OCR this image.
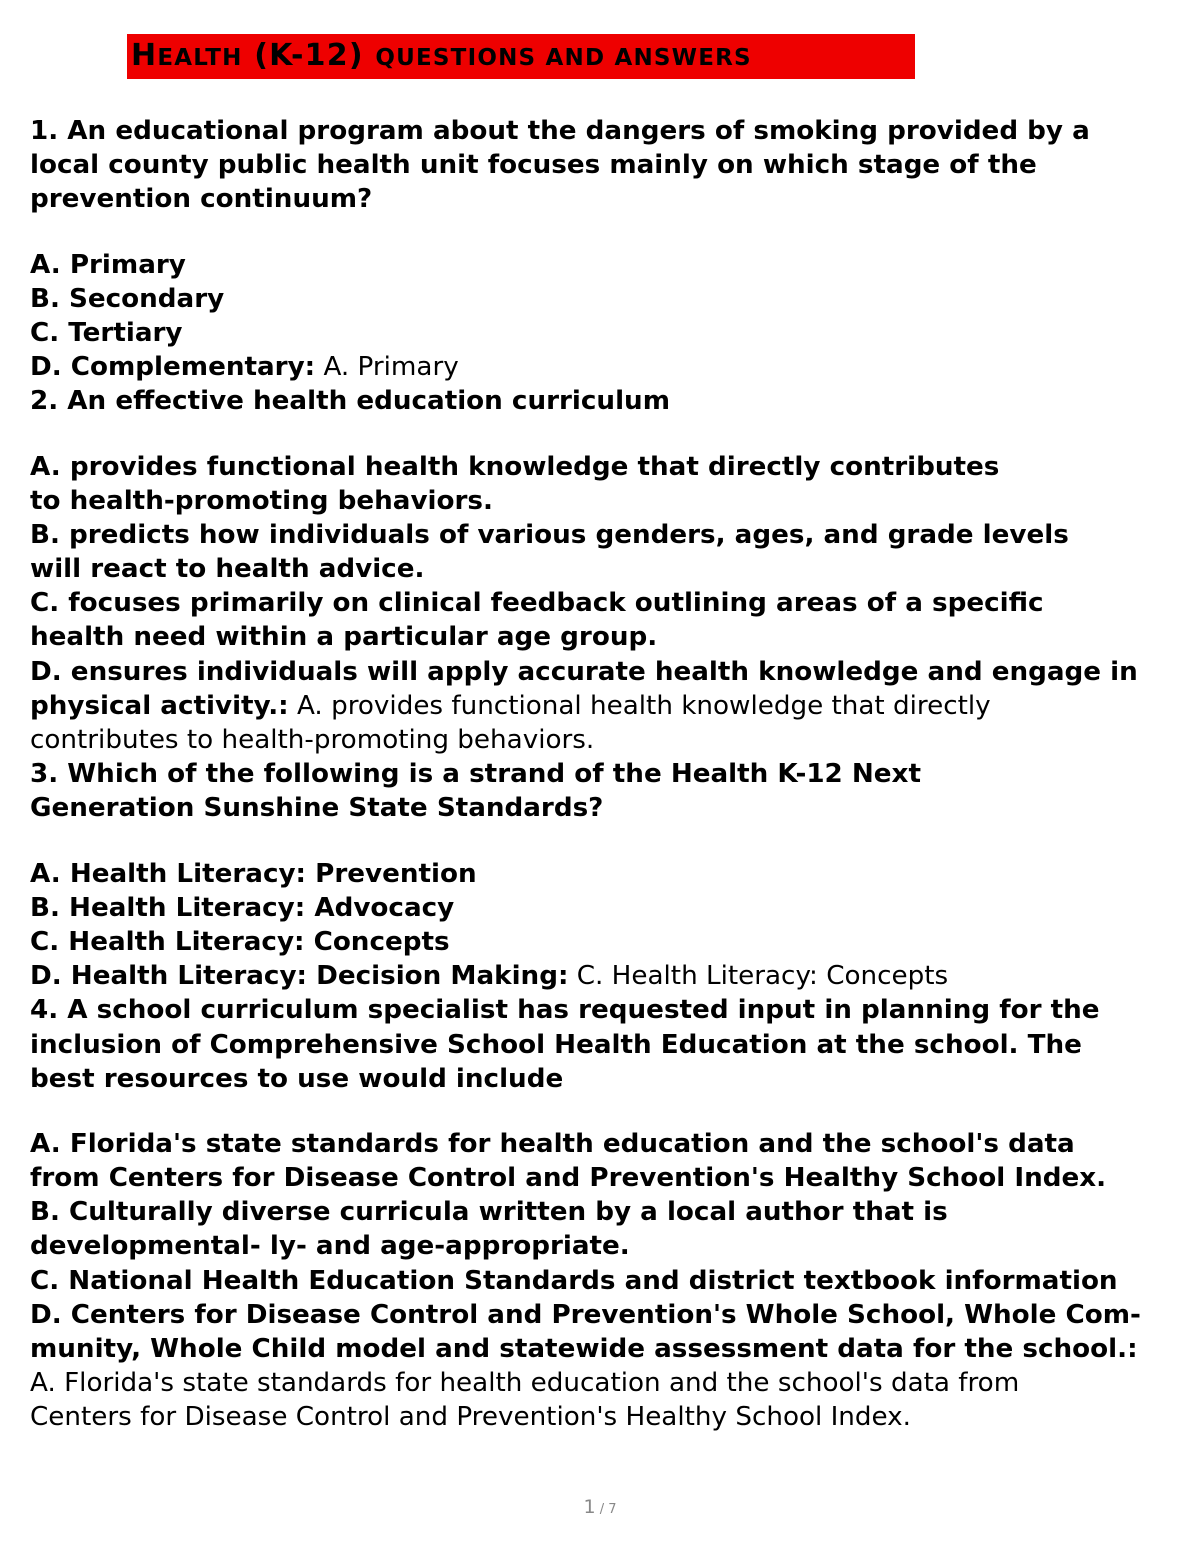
HEALTH (K-12) QUESTIONS AND ANSWERS
1. An educational program about the dangers of smoking provided by a
local county public health unit focuses mainly on which stage of the
prevention continuum?
A. Primary
B. Secondary
C. Tertiary
D. Complementary: A. Primary
2. An effective health education curriculum
A. provides functional health knowledge that directly contributes
to health-promoting behaviors.
B. predicts how individuals of various genders, ages, and grade levels
will react to health advice.
C. focuses primarily on clinical feedback outlining areas of a specific
health need within a particular age group.
D. ensures individuals will apply accurate health knowledge and engage in
physical activity.: A. provides functional health knowledge that directly
contributes to health-promoting behaviors.
3. Which of the following is a strand of the Health K-12 Next
Generation Sunshine State Standards?
A. Health Literacy: Prevention
B. Health Literacy: Advocacy
C. Health Literacy: Concepts
D. Health Literacy: Decision Making: C. Health Literacy: Concepts
4. A school curriculum specialist has requested input in planning for the
inclusion of Comprehensive School Health Education at the school. The
best resources to use would include
A. Florida's state standards for health education and the school's data
from Centers for Disease Control and Prevention's Healthy School Index.
B. Culturally diverse curricula written by a local author that is
developmental- ly- and age-appropriate.
C. National Health Education Standards and district textbook information
D. Centers for Disease Control and Prevention's Whole School, Whole Com-
munity, Whole Child model and statewide assessment data for the school.:
A. Florida's state standards for health education and the school's data from
Centers for Disease Control and Prevention's Healthy School Index.
1 / 7
